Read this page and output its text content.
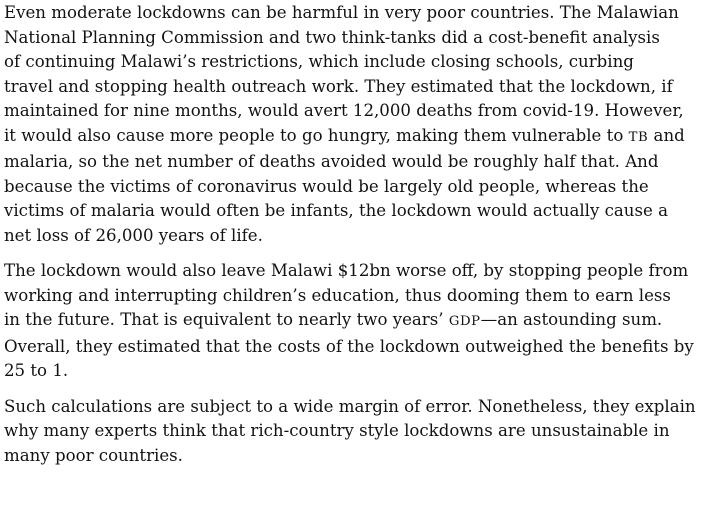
Even moderate lockdowns can be harmful in very poor countries. The Malawian
National Planning Commission and two think-tanks did a cost-benefit analysis
of continuing Malawi’s restrictions, which include closing schools, curbing
travel and stopping health outreach work. They estimated that the lockdown, if
maintained for nine months, would avert 12,000 deaths from covid-19. However,
it would also cause more people to go hungry, making them vulnerable to TB and
malaria, so the net number of deaths avoided would be roughly half that. And
because the victims of coronavirus would be largely old people, whereas the
victims of malaria would often be infants, the lockdown would actually cause a
net loss of 26,000 years of life.

The lockdown would also leave Malawi $12bn worse off, by stopping people from
working and interrupting children’s education, thus dooming them to earn less
in the future. That is equivalent to nearly two years’ GDP—an astounding sum.
Overall, they estimated that the costs of the lockdown outweighed the benefits by
25 to 1.

Such calculations are subject to a wide margin of error. Nonetheless, they explain
why many experts think that rich-country style lockdowns are unsustainable in
many poor countries.
